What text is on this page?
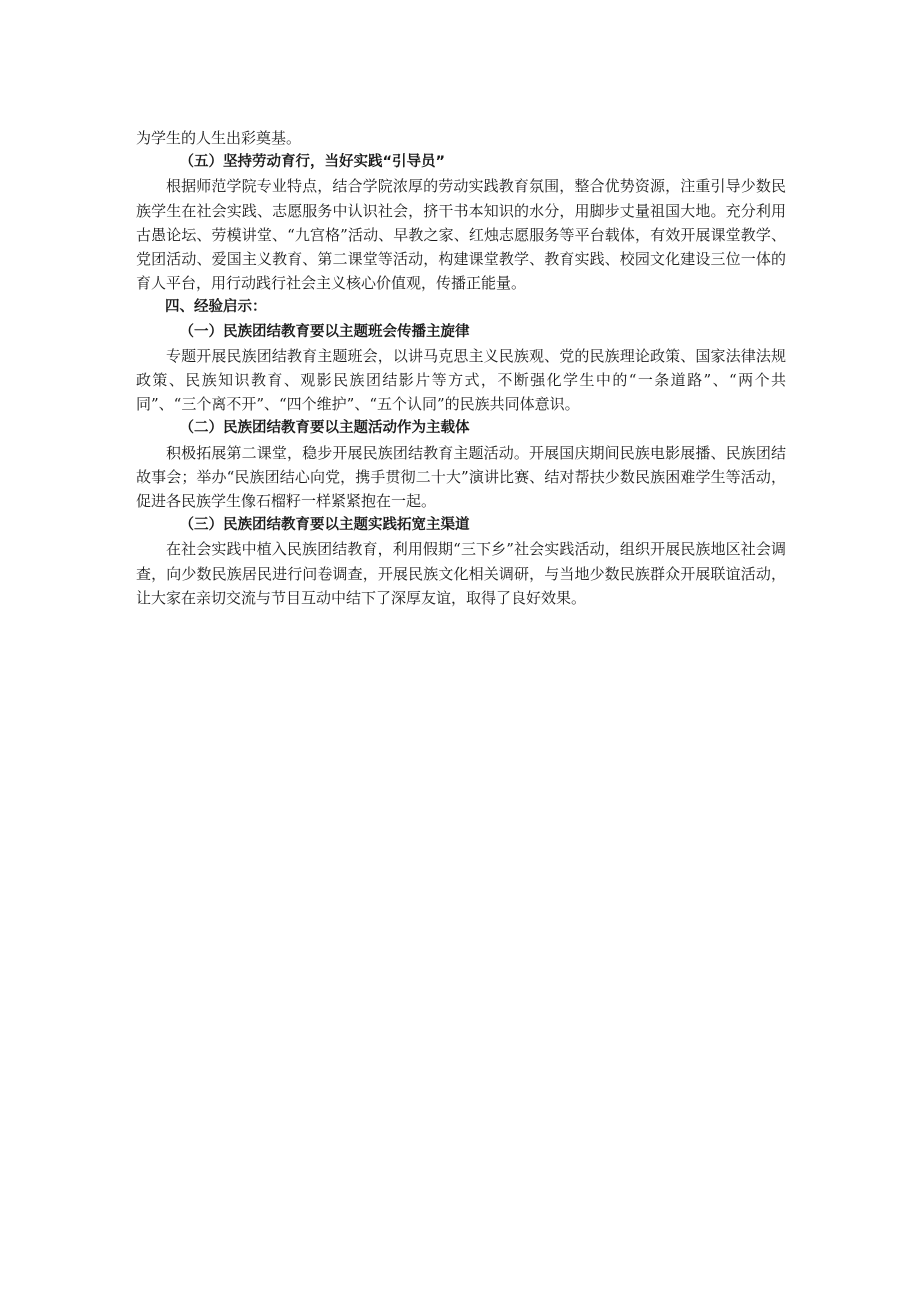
为学生的人生出彩奠基。

（五）坚持劳动育行，当好实践“引导员”

根据师范学院专业特点，结合学院浓厚的劳动实践教育氛围，整合优势资源，注重引导少数民族学生在社会实践、志愿服务中认识社会，挤干书本知识的水分，用脚步丈量祖国大地。充分利用古愚论坛、劳模讲堂、“九宫格”活动、早教之家、红烛志愿服务等平台载体，有效开展课堂教学、党团活动、爱国主义教育、第二课堂等活动，构建课堂教学、教育实践、校园文化建设三位一体的育人平台，用行动践行社会主义核心价值观，传播正能量。

四、经验启示：

（一）民族团结教育要以主题班会传播主旋律

专题开展民族团结教育主题班会，以讲马克思主义民族观、党的民族理论政策、国家法律法规政策、民族知识教育、观影民族团结影片等方式，不断强化学生中的“一条道路”、“两个共同”、“三个离不开”、“四个维护”、“五个认同”的民族共同体意识。

（二）民族团结教育要以主题活动作为主载体

积极拓展第二课堂，稳步开展民族团结教育主题活动。开展国庆期间民族电影展播、民族团结故事会；举办“民族团结心向党，携手贯彻二十大”演讲比赛、结对帮扶少数民族困难学生等活动，促进各民族学生像石榴籽一样紧紧抱在一起。

（三）民族团结教育要以主题实践拓宽主渠道

在社会实践中植入民族团结教育，利用假期“三下乡”社会实践活动，组织开展民族地区社会调查，向少数民族居民进行问卷调查，开展民族文化相关调研，与当地少数民族群众开展联谊活动，让大家在亲切交流与节目互动中结下了深厚友谊，取得了良好效果。
